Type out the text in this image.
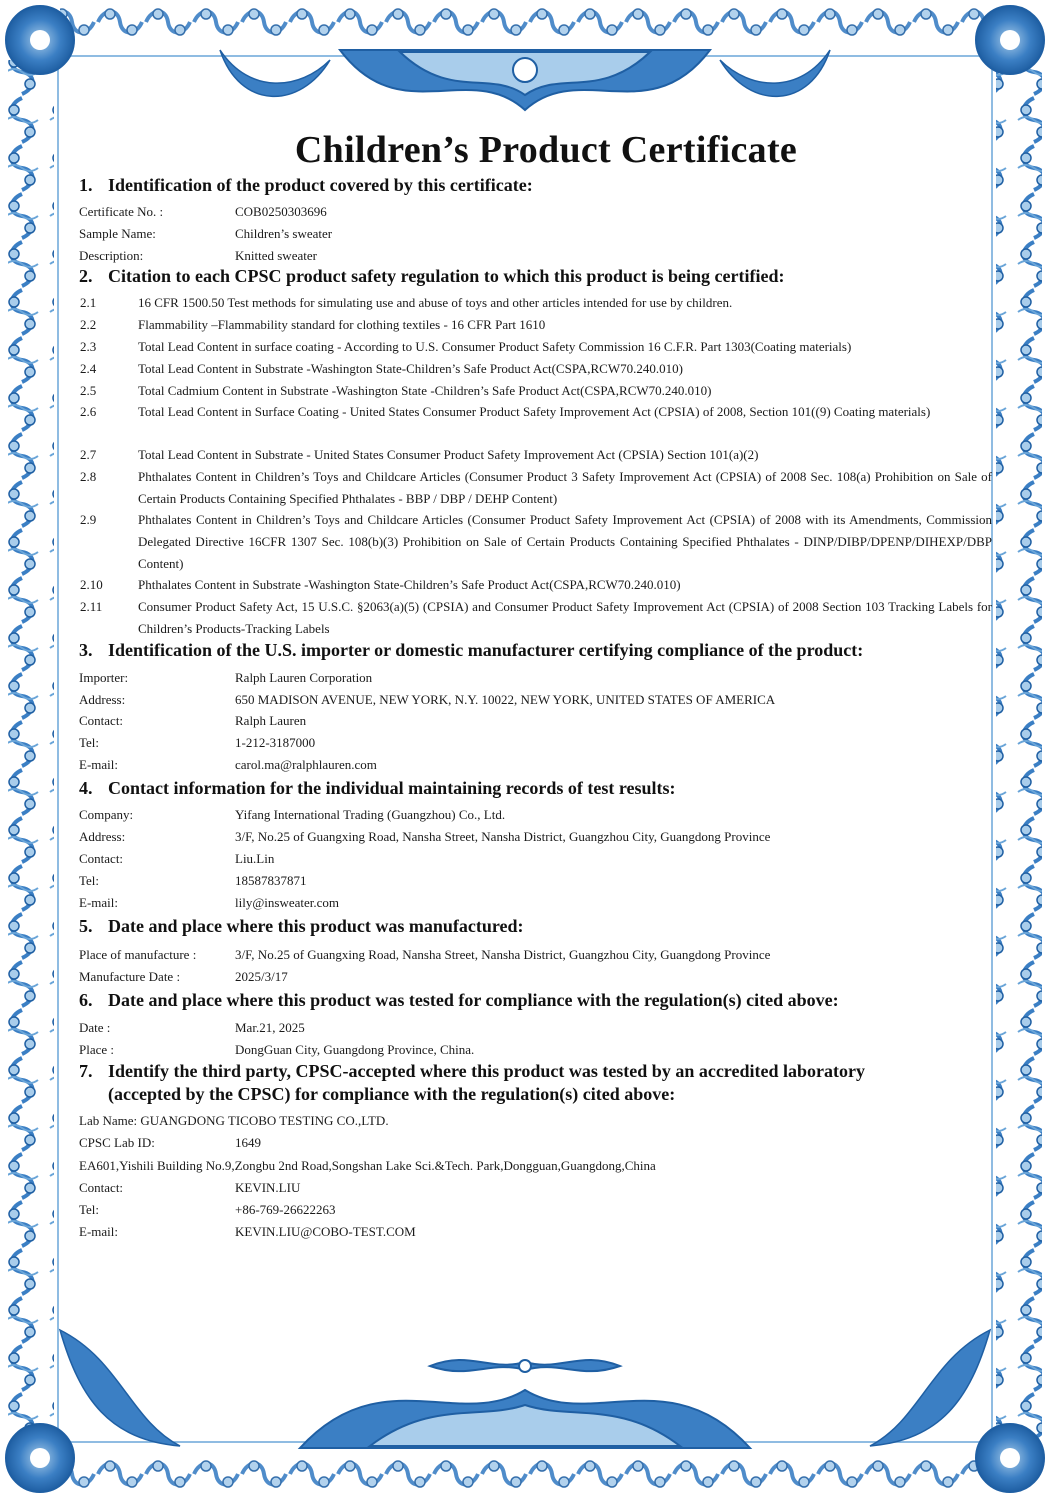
Children’s Product Certificate
1. Identification of the product covered by this certificate:
Certificate No. :	COB0250303696
Sample Name:	Children’s sweater
Description:	Knitted sweater
2. Citation to each CPSC product safety regulation to which this product is being certified:
2.1	16 CFR 1500.50 Test methods for simulating use and abuse of toys and other articles intended for use by children.
2.2	Flammability –Flammability standard for clothing textiles - 16 CFR Part 1610
2.3	Total Lead Content in surface coating - According to U.S. Consumer Product Safety Commission 16 C.F.R. Part 1303(Coating materials)
2.4	Total Lead Content in Substrate -Washington State-Children’s Safe Product Act(CSPA,RCW70.240.010)
2.5	Total Cadmium Content in Substrate -Washington State -Children’s Safe Product Act(CSPA,RCW70.240.010)
2.6	Total Lead Content in Surface Coating - United States Consumer Product Safety Improvement Act (CPSIA) of 2008, Section 101((9) Coating materials)
2.7	Total Lead Content in Substrate - United States Consumer Product Safety Improvement Act (CPSIA) Section 101(a)(2)
2.8	Phthalates Content in Children’s Toys and Childcare Articles (Consumer Product 3 Safety Improvement Act (CPSIA) of 2008 Sec. 108(a) Prohibition on Sale of Certain Products Containing Specified Phthalates - BBP / DBP / DEHP Content)
2.9	Phthalates Content in Children’s Toys and Childcare Articles (Consumer Product Safety Improvement Act (CPSIA) of 2008 with its Amendments, Commission Delegated Directive 16CFR 1307 Sec. 108(b)(3) Prohibition on Sale of Certain Products Containing Specified Phthalates - DINP/DIBP/DPENP/DIHEXP/DBP Content)
2.10	Phthalates Content in Substrate -Washington State-Children’s Safe Product Act(CSPA,RCW70.240.010)
2.11	Consumer Product Safety Act, 15 U.S.C. §2063(a)(5) (CPSIA) and Consumer Product Safety Improvement Act (CPSIA) of 2008 Section 103 Tracking Labels for Children’s Products-Tracking Labels
3. Identification of the U.S. importer or domestic manufacturer certifying compliance of the product:
Importer:	Ralph Lauren Corporation
Address:	650 MADISON AVENUE, NEW YORK, N.Y. 10022, NEW YORK, UNITED STATES OF AMERICA
Contact:	Ralph Lauren
Tel:	1-212-3187000
E-mail:	carol.ma@ralphlauren.com
4. Contact information for the individual maintaining records of test results:
Company:	Yifang International Trading (Guangzhou) Co., Ltd.
Address:	3/F, No.25 of Guangxing Road, Nansha Street, Nansha District, Guangzhou City, Guangdong Province
Contact:	Liu.Lin
Tel:	18587837871
E-mail:	lily@insweater.com
5. Date and place where this product was manufactured:
Place of manufacture :	3/F, No.25 of Guangxing Road, Nansha Street, Nansha District, Guangzhou City, Guangdong Province
Manufacture Date :	2025/3/17
6. Date and place where this product was tested for compliance with the regulation(s) cited above:
Date :	Mar.21, 2025
Place :	DongGuan City, Guangdong Province, China.
7. Identify the third party, CPSC-accepted where this product was tested by an accredited laboratory
(accepted by the CPSC) for compliance with the regulation(s) cited above:
Lab Name: GUANGDONG TICOBO TESTING CO.,LTD.
CPSC Lab ID:	1649
EA601,Yishili Building No.9,Zongbu 2nd Road,Songshan Lake Sci.&Tech. Park,Dongguan,Guangdong,China
Contact:	KEVIN.LIU
Tel:	+86-769-26622263
E-mail:	KEVIN.LIU@COBO-TEST.COM
